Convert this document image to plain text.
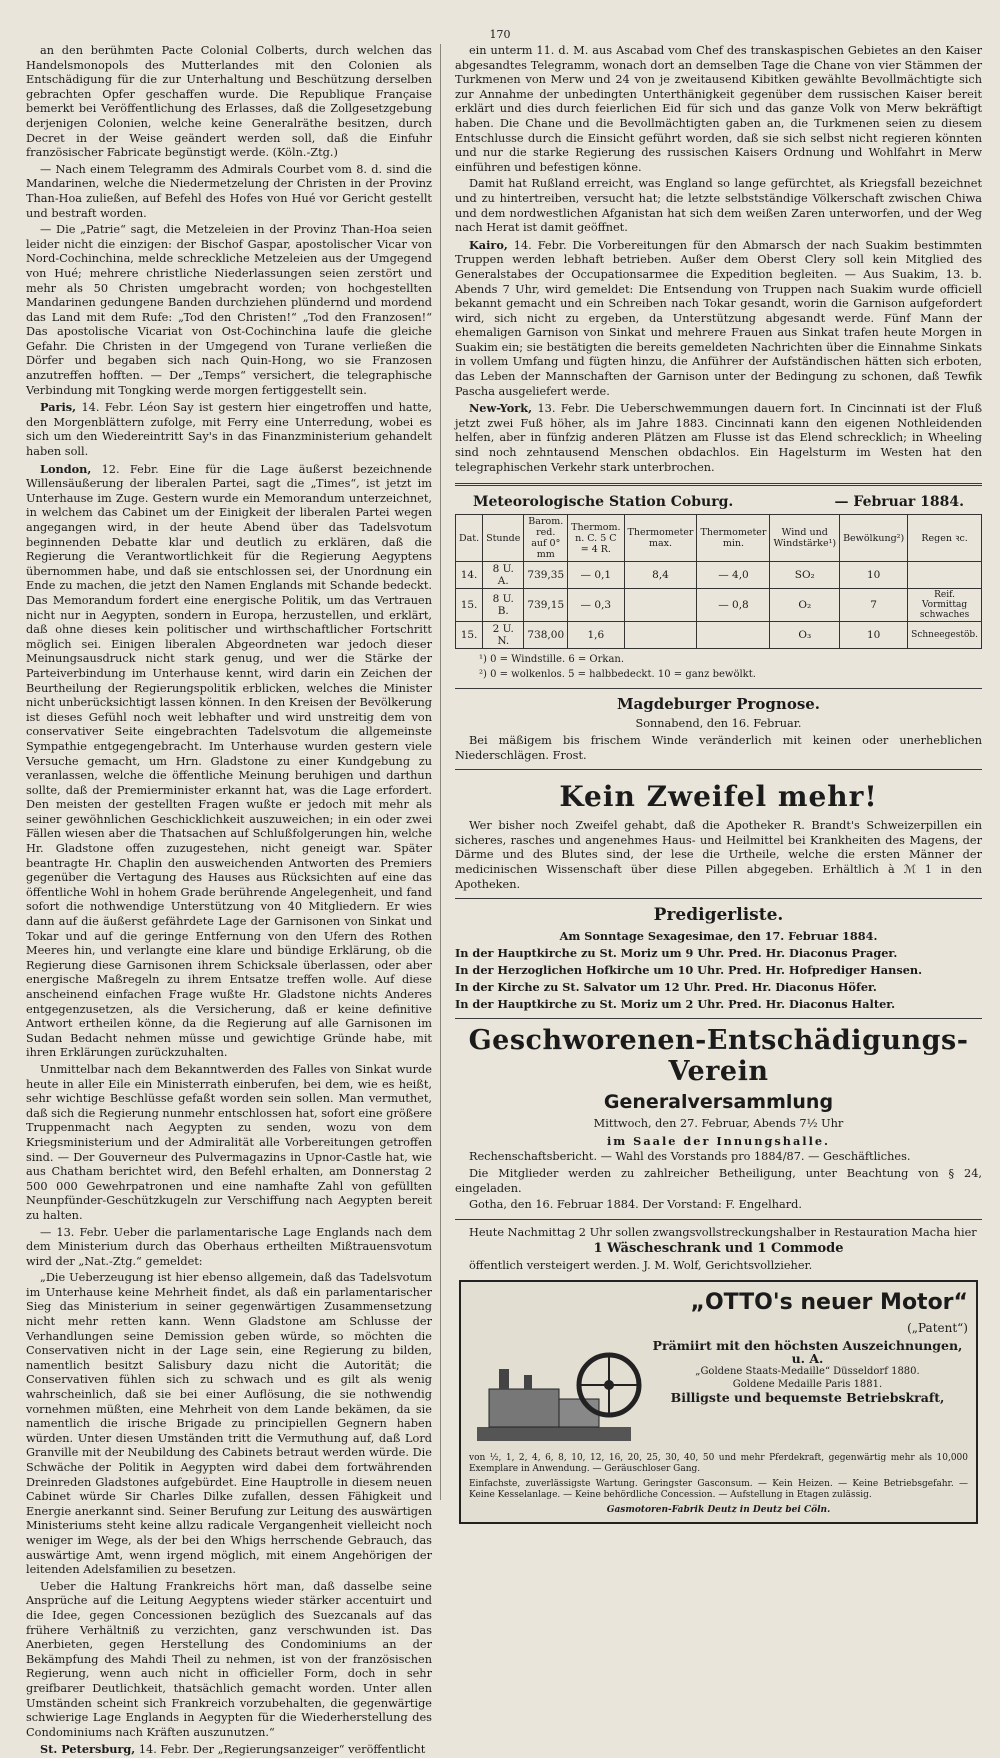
170

an den berühmten Pacte Colonial Colberts, durch welchen das Handelsmonopols des Mutterlandes mit den Colonien als Entschädigung für die zur Unterhaltung und Beschützung derselben gebrachten Opfer geschaffen wurde. Die Republique Française bemerkt bei Veröffentlichung des Erlasses, daß die Zollgesetzgebung derjenigen Colonien, welche keine Generalräthe besitzen, durch Decret in der Weise geändert werden soll, daß die Einfuhr französischer Fabricate begünstigt werde. (Köln.-Ztg.)

— Nach einem Telegramm des Admirals Courbet vom 8. d. sind die Mandarinen, welche die Niedermetzelung der Christen in der Provinz Than-Hoa zuließen, auf Befehl des Hofes von Hué vor Gericht gestellt und bestraft worden.

— Die „Patrie“ sagt, die Metzeleien in der Provinz Than-Hoa seien leider nicht die einzigen: der Bischof Gaspar, apostolischer Vicar von Nord-Cochinchina, melde schreckliche Metzeleien aus der Umgegend von Hué; mehrere christliche Niederlassungen seien zerstört und mehr als 50 Christen umgebracht worden; von hochgestellten Mandarinen gedungene Banden durchziehen plündernd und mordend das Land mit dem Rufe: „Tod den Christen!“ „Tod den Franzosen!“ Das apostolische Vicariat von Ost-Cochinchina laufe die gleiche Gefahr. Die Christen in der Umgegend von Turane verließen die Dörfer und begaben sich nach Quin-Hong, wo sie Franzosen anzutreffen hofften. — Der „Temps“ versichert, die telegraphische Verbindung mit Tongking werde morgen fertiggestellt sein.

Paris, 14. Febr. Léon Say ist gestern hier eingetroffen und hatte, den Morgenblättern zufolge, mit Ferry eine Unterredung, wobei es sich um den Wiedereintritt Say's in das Finanzministerium gehandelt haben soll.

London, 12. Febr. Eine für die Lage äußerst bezeichnende Willensäußerung der liberalen Partei, sagt die „Times“, ist jetzt im Unterhause im Zuge. Gestern wurde ein Memorandum unterzeichnet, in welchem das Cabinet um der Einigkeit der liberalen Partei wegen angegangen wird, in der heute Abend über das Tadelsvotum beginnenden Debatte klar und deutlich zu erklären, daß die Regierung die Verantwortlichkeit für die Regierung Aegyptens übernommen habe, und daß sie entschlossen sei, der Unordnung ein Ende zu machen, die jetzt den Namen Englands mit Schande bedeckt. Das Memorandum fordert eine energische Politik, um das Vertrauen nicht nur in Aegypten, sondern in Europa, herzustellen, und erklärt, daß ohne dieses kein politischer und wirthschaftlicher Fortschritt möglich sei. Einigen liberalen Abgeordneten war jedoch dieser Meinungsausdruck nicht stark genug, und wer die Stärke der Parteiverbindung im Unterhause kennt, wird darin ein Zeichen der Beurtheilung der Regierungspolitik erblicken, welches die Minister nicht unberücksichtigt lassen können. In den Kreisen der Bevölkerung ist dieses Gefühl noch weit lebhafter und wird unstreitig dem von conservativer Seite eingebrachten Tadelsvotum die allgemeinste Sympathie entgegengebracht. Im Unterhause wurden gestern viele Versuche gemacht, um Hrn. Gladstone zu einer Kundgebung zu veranlassen, welche die öffentliche Meinung beruhigen und darthun sollte, daß der Premierminister erkannt hat, was die Lage erfordert. Den meisten der gestellten Fragen wußte er jedoch mit mehr als seiner gewöhnlichen Geschicklichkeit auszuweichen; in ein oder zwei Fällen wiesen aber die Thatsachen auf Schlußfolgerungen hin, welche Hr. Gladstone offen zuzugestehen, nicht geneigt war. Später beantragte Hr. Chaplin den ausweichenden Antworten des Premiers gegenüber die Vertagung des Hauses aus Rücksichten auf eine das öffentliche Wohl in hohem Grade berührende Angelegenheit, und fand sofort die nothwendige Unterstützung von 40 Mitgliedern. Er wies dann auf die äußerst gefährdete Lage der Garnisonen von Sinkat und Tokar und auf die geringe Entfernung von den Ufern des Rothen Meeres hin, und verlangte eine klare und bündige Erklärung, ob die Regierung diese Garnisonen ihrem Schicksale überlassen, oder aber energische Maßregeln zu ihrem Entsatze treffen wolle. Auf diese anscheinend einfachen Frage wußte Hr. Gladstone nichts Anderes entgegenzusetzen, als die Versicherung, daß er keine definitive Antwort ertheilen könne, da die Regierung auf alle Garnisonen im Sudan Bedacht nehmen müsse und gewichtige Gründe habe, mit ihren Erklärungen zurückzuhalten.

Unmittelbar nach dem Bekanntwerden des Falles von Sinkat wurde heute in aller Eile ein Ministerrath einberufen, bei dem, wie es heißt, sehr wichtige Beschlüsse gefaßt worden sein sollen. Man vermuthet, daß sich die Regierung nunmehr entschlossen hat, sofort eine größere Truppenmacht nach Aegypten zu senden, wozu von dem Kriegsministerium und der Admiralität alle Vorbereitungen getroffen sind. — Der Gouverneur des Pulvermagazins in Upnor-Castle hat, wie aus Chatham berichtet wird, den Befehl erhalten, am Donnerstag 2 500 000 Gewehrpatronen und eine namhafte Zahl von gefüllten Neunpfünder-Geschützkugeln zur Verschiffung nach Aegypten bereit zu halten.

— 13. Febr. Ueber die parlamentarische Lage Englands nach dem dem Ministerium durch das Oberhaus ertheilten Mißtrauensvotum wird der „Nat.-Ztg.“ gemeldet:

„Die Ueberzeugung ist hier ebenso allgemein, daß das Tadelsvotum im Unterhause keine Mehrheit findet, als daß ein parlamentarischer Sieg das Ministerium in seiner gegenwärtigen Zusammensetzung nicht mehr retten kann. Wenn Gladstone am Schlusse der Verhandlungen seine Demission geben würde, so möchten die Conservativen nicht in der Lage sein, eine Regierung zu bilden, namentlich besitzt Salisbury dazu nicht die Autorität; die Conservativen fühlen sich zu schwach und es gilt als wenig wahrscheinlich, daß sie bei einer Auflösung, die sie nothwendig vornehmen müßten, eine Mehrheit von dem Lande bekämen, da sie namentlich die irische Brigade zu principiellen Gegnern haben würden. Unter diesen Umständen tritt die Vermuthung auf, daß Lord Granville mit der Neubildung des Cabinets betraut werden würde. Die Schwäche der Politik in Aegypten wird dabei dem fortwährenden Dreinreden Gladstones aufgebürdet. Eine Hauptrolle in diesem neuen Cabinet würde Sir Charles Dilke zufallen, dessen Fähigkeit und Energie anerkannt sind. Seiner Berufung zur Leitung des auswärtigen Ministeriums steht keine allzu radicale Vergangenheit vielleicht noch weniger im Wege, als der bei den Whigs herrschende Gebrauch, das auswärtige Amt, wenn irgend möglich, mit einem Angehörigen der leitenden Adelsfamilien zu besetzen.

Ueber die Haltung Frankreichs hört man, daß dasselbe seine Ansprüche auf die Leitung Aegyptens wieder stärker accentuirt und die Idee, gegen Concessionen bezüglich des Suezcanals auf das frühere Verhältniß zu verzichten, ganz verschwunden ist. Das Anerbieten, gegen Herstellung des Condominiums an der Bekämpfung des Mahdi Theil zu nehmen, ist von der französischen Regierung, wenn auch nicht in officieller Form, doch in sehr greifbarer Deutlichkeit, thatsächlich gemacht worden. Unter allen Umständen scheint sich Frankreich vorzubehalten, die gegenwärtige schwierige Lage Englands in Aegypten für die Wiederherstellung des Condominiums nach Kräften auszunutzen.“

St. Petersburg, 14. Febr. Der „Regierungsanzeiger“ veröffentlicht

ein unterm 11. d. M. aus Ascabad vom Chef des transkaspischen Gebietes an den Kaiser abgesandtes Telegramm, wonach dort an demselben Tage die Chane von vier Stämmen der Turkmenen von Merw und 24 von je zweitausend Kibitken gewählte Bevollmächtigte sich zur Annahme der unbedingten Unterthänigkeit gegenüber dem russischen Kaiser bereit erklärt und dies durch feierlichen Eid für sich und das ganze Volk von Merw bekräftigt haben. Die Chane und die Bevollmächtigten gaben an, die Turkmenen seien zu diesem Entschlusse durch die Einsicht geführt worden, daß sie sich selbst nicht regieren könnten und nur die starke Regierung des russischen Kaisers Ordnung und Wohlfahrt in Merw einführen und befestigen könne.

Damit hat Rußland erreicht, was England so lange gefürchtet, als Kriegsfall bezeichnet und zu hintertreiben, versucht hat; die letzte selbstständige Völkerschaft zwischen Chiwa und dem nordwestlichen Afganistan hat sich dem weißen Zaren unterworfen, und der Weg nach Herat ist damit geöffnet.

Kairo, 14. Febr. Die Vorbereitungen für den Abmarsch der nach Suakim bestimmten Truppen werden lebhaft betrieben. Außer dem Oberst Clery soll kein Mitglied des Generalstabes der Occupationsarmee die Expedition begleiten. — Aus Suakim, 13. b. Abends 7 Uhr, wird gemeldet: Die Entsendung von Truppen nach Suakim wurde officiell bekannt gemacht und ein Schreiben nach Tokar gesandt, worin die Garnison aufgefordert wird, sich nicht zu ergeben, da Unterstützung abgesandt werde. Fünf Mann der ehemaligen Garnison von Sinkat und mehrere Frauen aus Sinkat trafen heute Morgen in Suakim ein; sie bestätigten die bereits gemeldeten Nachrichten über die Einnahme Sinkats in vollem Umfang und fügten hinzu, die Anführer der Aufständischen hätten sich erboten, das Leben der Mannschaften der Garnison unter der Bedingung zu schonen, daß Tewfik Pascha ausgeliefert werde.

New-York, 13. Febr. Die Ueberschwemmungen dauern fort. In Cincinnati ist der Fluß jetzt zwei Fuß höher, als im Jahre 1883. Cincinnati kann den eigenen Nothleidenden helfen, aber in fünfzig anderen Plätzen am Flusse ist das Elend schrecklich; in Wheeling sind noch zehntausend Menschen obdachlos. Ein Hagelsturm im Westen hat den telegraphischen Verkehr stark unterbrochen.

Meteorologische Station Coburg.	— Februar 1884.
Dat.	Stunde	Barom. red. auf 0° mm	Thermom. n. C. 5 C = 4 R.	Thermometer max.	Thermometer min.	Wind und Windstärke¹)	Bewölkung²)	Regen ꝛc.
14.	8 U. A.	739,35	— 0,1	8,4	— 4,0	SO₂	10	
15.	8 U. B.	739,15	— 0,3		— 0,8	O₂	7	Reif. Vormittag schwaches
15.	2 U. N.	738,00	1,6			O₃	10	Schneegestöb.

¹) 0 = Windstille. 6 = Orkan.

²) 0 = wolkenlos. 5 = halbbedeckt. 10 = ganz bewölkt.

Magdeburger Prognose.

Sonnabend, den 16. Februar.

Bei mäßigem bis frischem Winde veränderlich mit keinen oder unerheblichen Niederschlägen. Frost.

Kein Zweifel mehr!

Wer bisher noch Zweifel gehabt, daß die Apotheker R. Brandt's Schweizerpillen ein sicheres, rasches und angenehmes Haus- und Heilmittel bei Krankheiten des Magens, der Därme und des Blutes sind, der lese die Urtheile, welche die ersten Männer der medicinischen Wissenschaft über diese Pillen abgegeben. Erhältlich à ℳ 1 in den Apotheken.

Predigerliste.

Am Sonntage Sexagesimae, den 17. Februar 1884.

In der Hauptkirche zu St. Moriz um 9 Uhr. Pred. Hr. Diaconus Prager.

In der Herzoglichen Hofkirche um 10 Uhr. Pred. Hr. Hofprediger Hansen.

In der Kirche zu St. Salvator um 12 Uhr. Pred. Hr. Diaconus Höfer.

In der Hauptkirche zu St. Moriz um 2 Uhr. Pred. Hr. Diaconus Halter.

Geschworenen-Entschädigungs-Verein
Generalversammlung

Mittwoch, den 27. Februar, Abends 7½ Uhr

im Saale der Innungshalle.

Rechenschaftsbericht. — Wahl des Vorstands pro 1884/87. — Geschäftliches.

Die Mitglieder werden zu zahlreicher Betheiligung, unter Beachtung von § 24, eingeladen.

Gotha, den 16. Februar 1884. Der Vorstand: F. Engelhard.

Heute Nachmittag 2 Uhr sollen zwangsvollstreckungshalber in Restauration Macha hier

1 Wäscheschrank und 1 Commode

öffentlich versteigert werden. J. M. Wolf, Gerichtsvollzieher.

„OTTO's neuer Motor“
(„Patent“)
Prämiirt mit den höchsten Auszeichnungen, u. A.
„Goldene Staats-Medaille“ Düsseldorf 1880.
Goldene Medaille Paris 1881.
Billigste und bequemste Betriebskraft,
von ½, 1, 2, 4, 6, 8, 10, 12, 16, 20, 25, 30, 40, 50 und mehr Pferdekraft, gegenwärtig mehr als 10,000 Exemplare in Anwendung. — Geräuschloser Gang.
Einfachste, zuverlässigste Wartung. Geringster Gasconsum. — Kein Heizen. — Keine Betriebsgefahr. — Keine Kesselanlage. — Keine behördliche Concession. — Aufstellung in Etagen zulässig.
Gasmotoren-Fabrik Deutz in Deutz bei Cöln.
